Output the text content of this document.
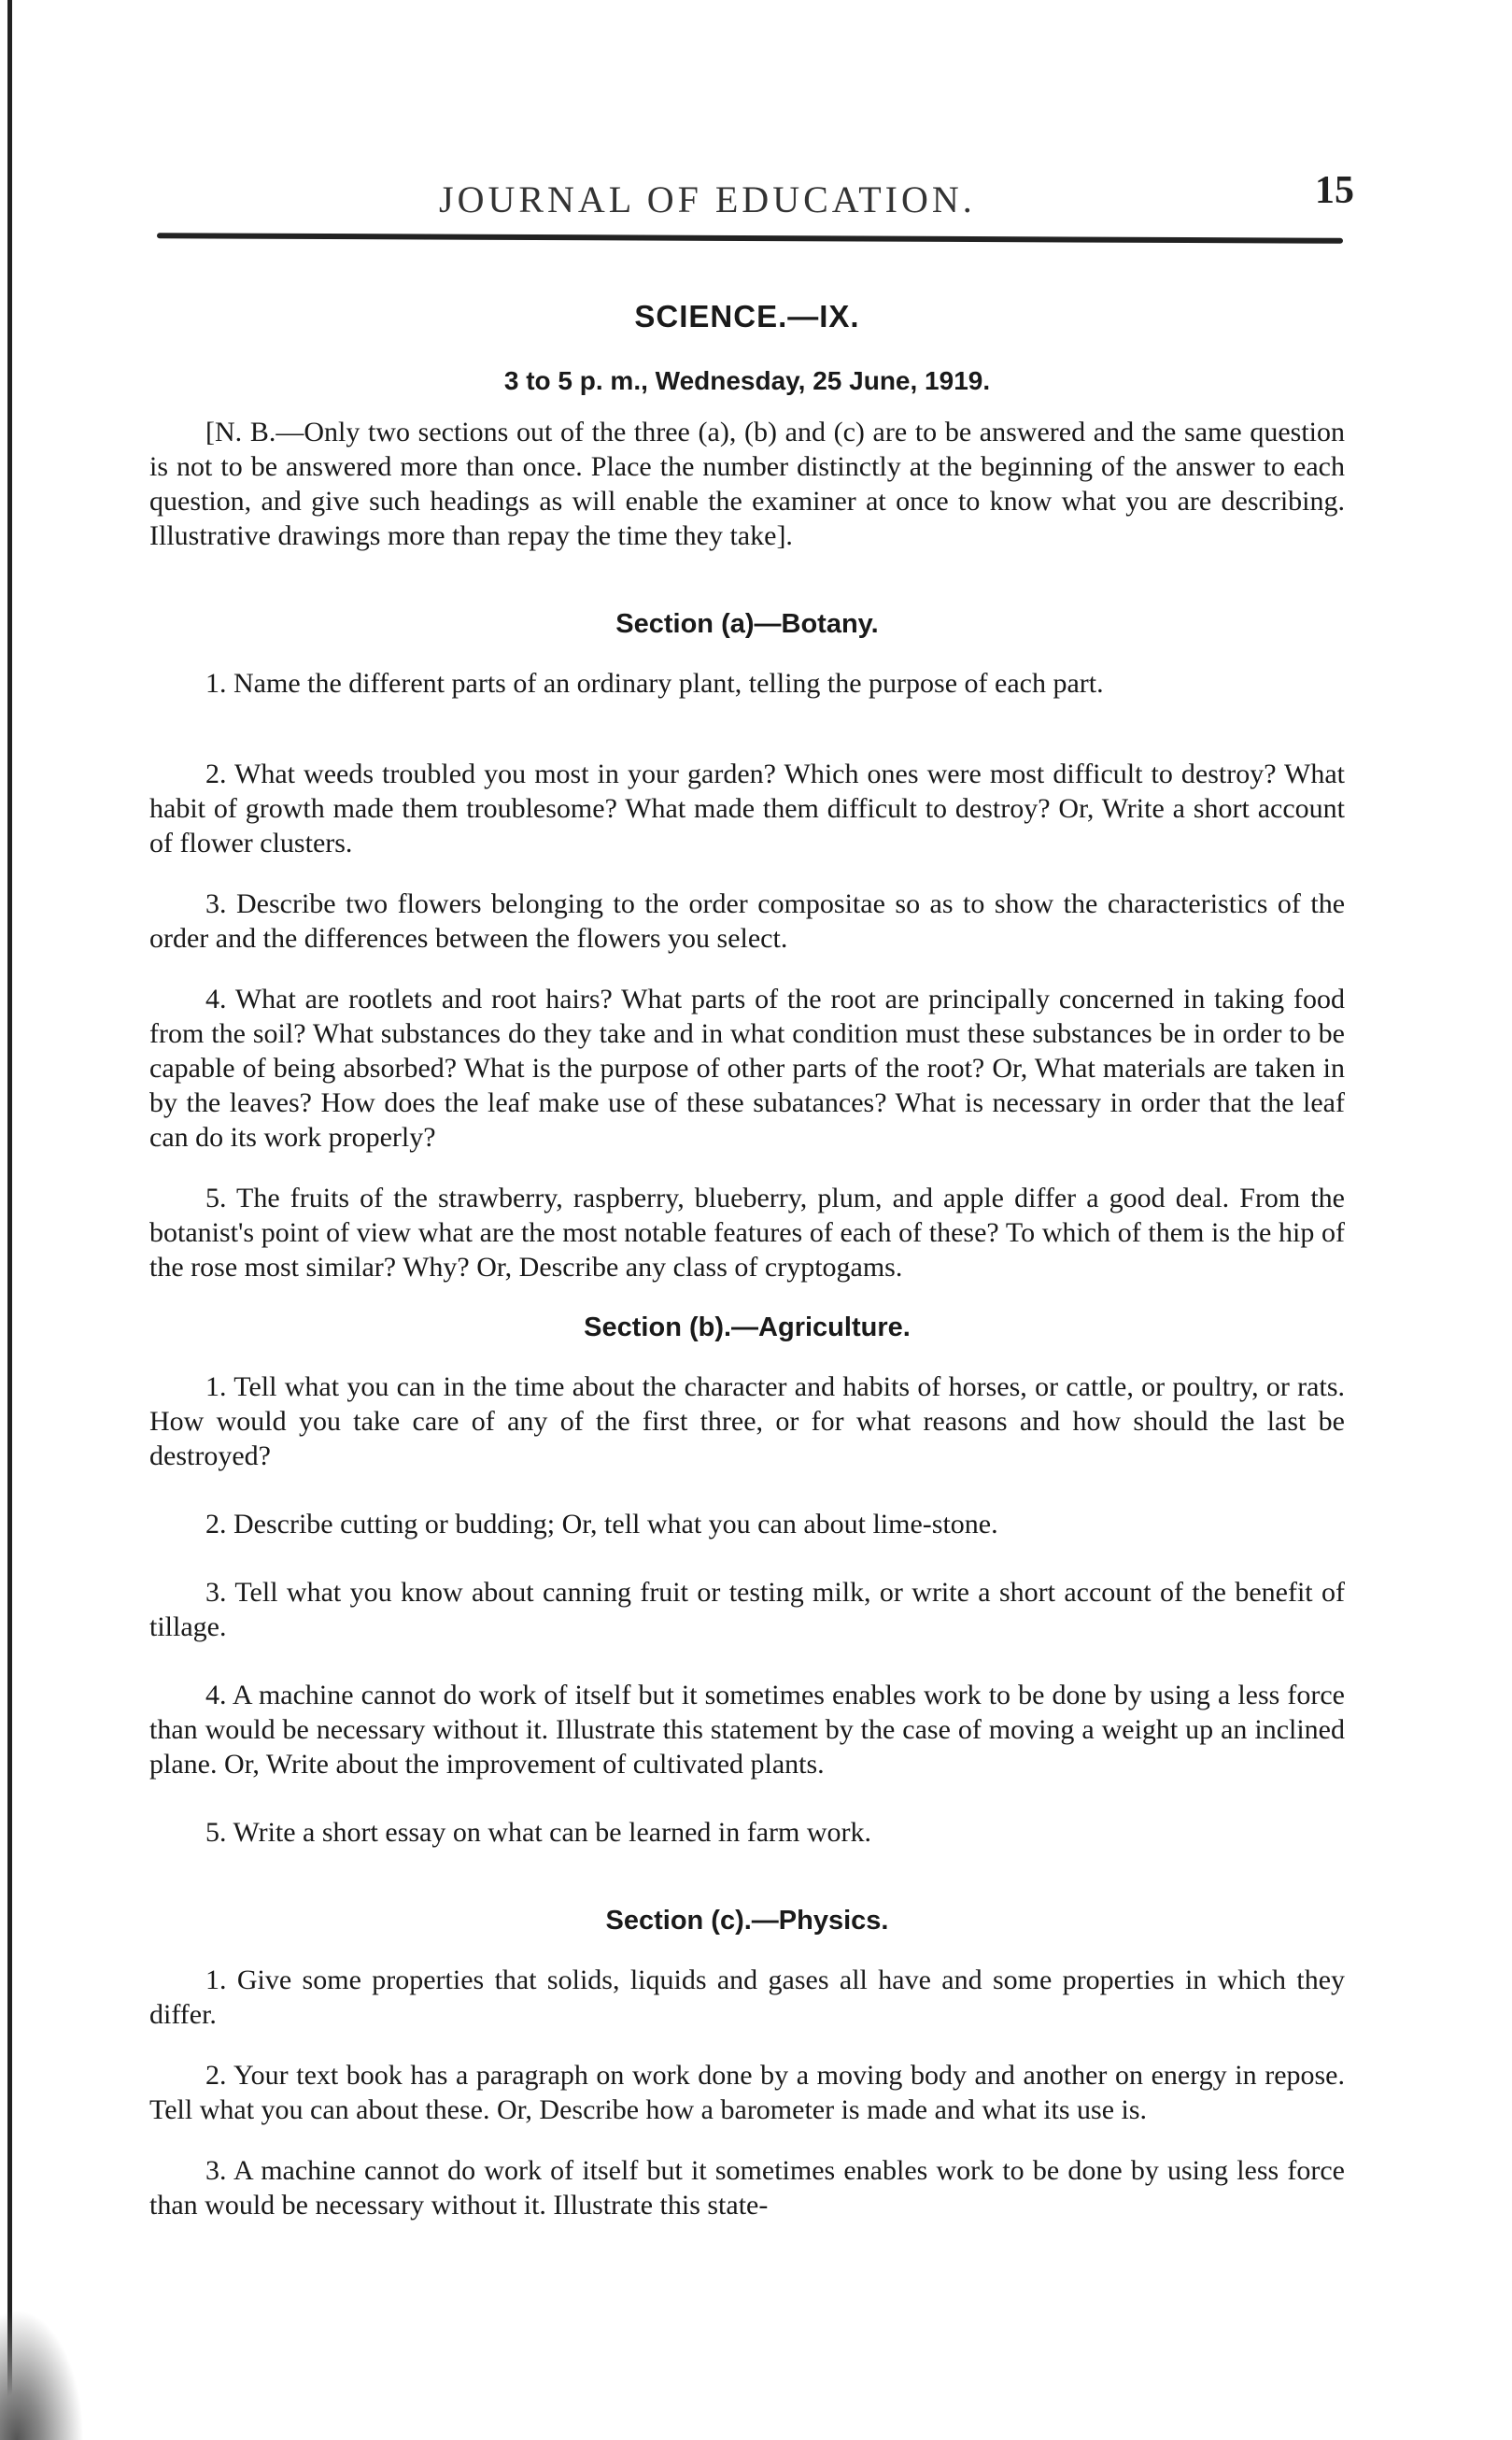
JOURNAL OF EDUCATION.	15
SCIENCE.—IX.
3 to 5 p. m., Wednesday, 25 June, 1919.

[N. B.—Only two sections out of the three (a), (b) and (c) are to be answered and the same question is not to be answered more than once. Place the number distinctly at the beginning of the answer to each question, and give such headings as will enable the examiner at once to know what you are describing. Illustrative drawings more than repay the time they take].

Section (a)—Botany.

1. Name the different parts of an ordinary plant, telling the purpose of each part.

2. What weeds troubled you most in your garden? Which ones were most difficult to destroy? What habit of growth made them troublesome? What made them difficult to destroy? Or, Write a short account of flower clusters.

3. Describe two flowers belonging to the order compositae so as to show the characteristics of the order and the differences between the flowers you select.

4. What are rootlets and root hairs? What parts of the root are principally concerned in taking food from the soil? What substances do they take and in what condition must these substances be in order to be capable of being absorbed? What is the purpose of other parts of the root? Or, What materials are taken in by the leaves? How does the leaf make use of these subatances? What is necessary in order that the leaf can do its work properly?

5. The fruits of the strawberry, raspberry, blueberry, plum, and apple differ a good deal. From the botanist's point of view what are the most notable features of each of these? To which of them is the hip of the rose most similar? Why? Or, Describe any class of cryptogams.

Section (b).—Agriculture.

1. Tell what you can in the time about the character and habits of horses, or cattle, or poultry, or rats. How would you take care of any of the first three, or for what reasons and how should the last be destroyed?

2. Describe cutting or budding; Or, tell what you can about lime-stone.

3. Tell what you know about canning fruit or testing milk, or write a short account of the benefit of tillage.

4. A machine cannot do work of itself but it sometimes enables work to be done by using a less force than would be necessary without it. Illustrate this statement by the case of moving a weight up an inclined plane. Or, Write about the improvement of cultivated plants.

5. Write a short essay on what can be learned in farm work.

Section (c).—Physics.

1. Give some properties that solids, liquids and gases all have and some properties in which they differ.

2. Your text book has a paragraph on work done by a moving body and another on energy in repose. Tell what you can about these. Or, Describe how a barometer is made and what its use is.

3. A machine cannot do work of itself but it sometimes enables work to be done by using less force than would be necessary without it. Illustrate this state-
